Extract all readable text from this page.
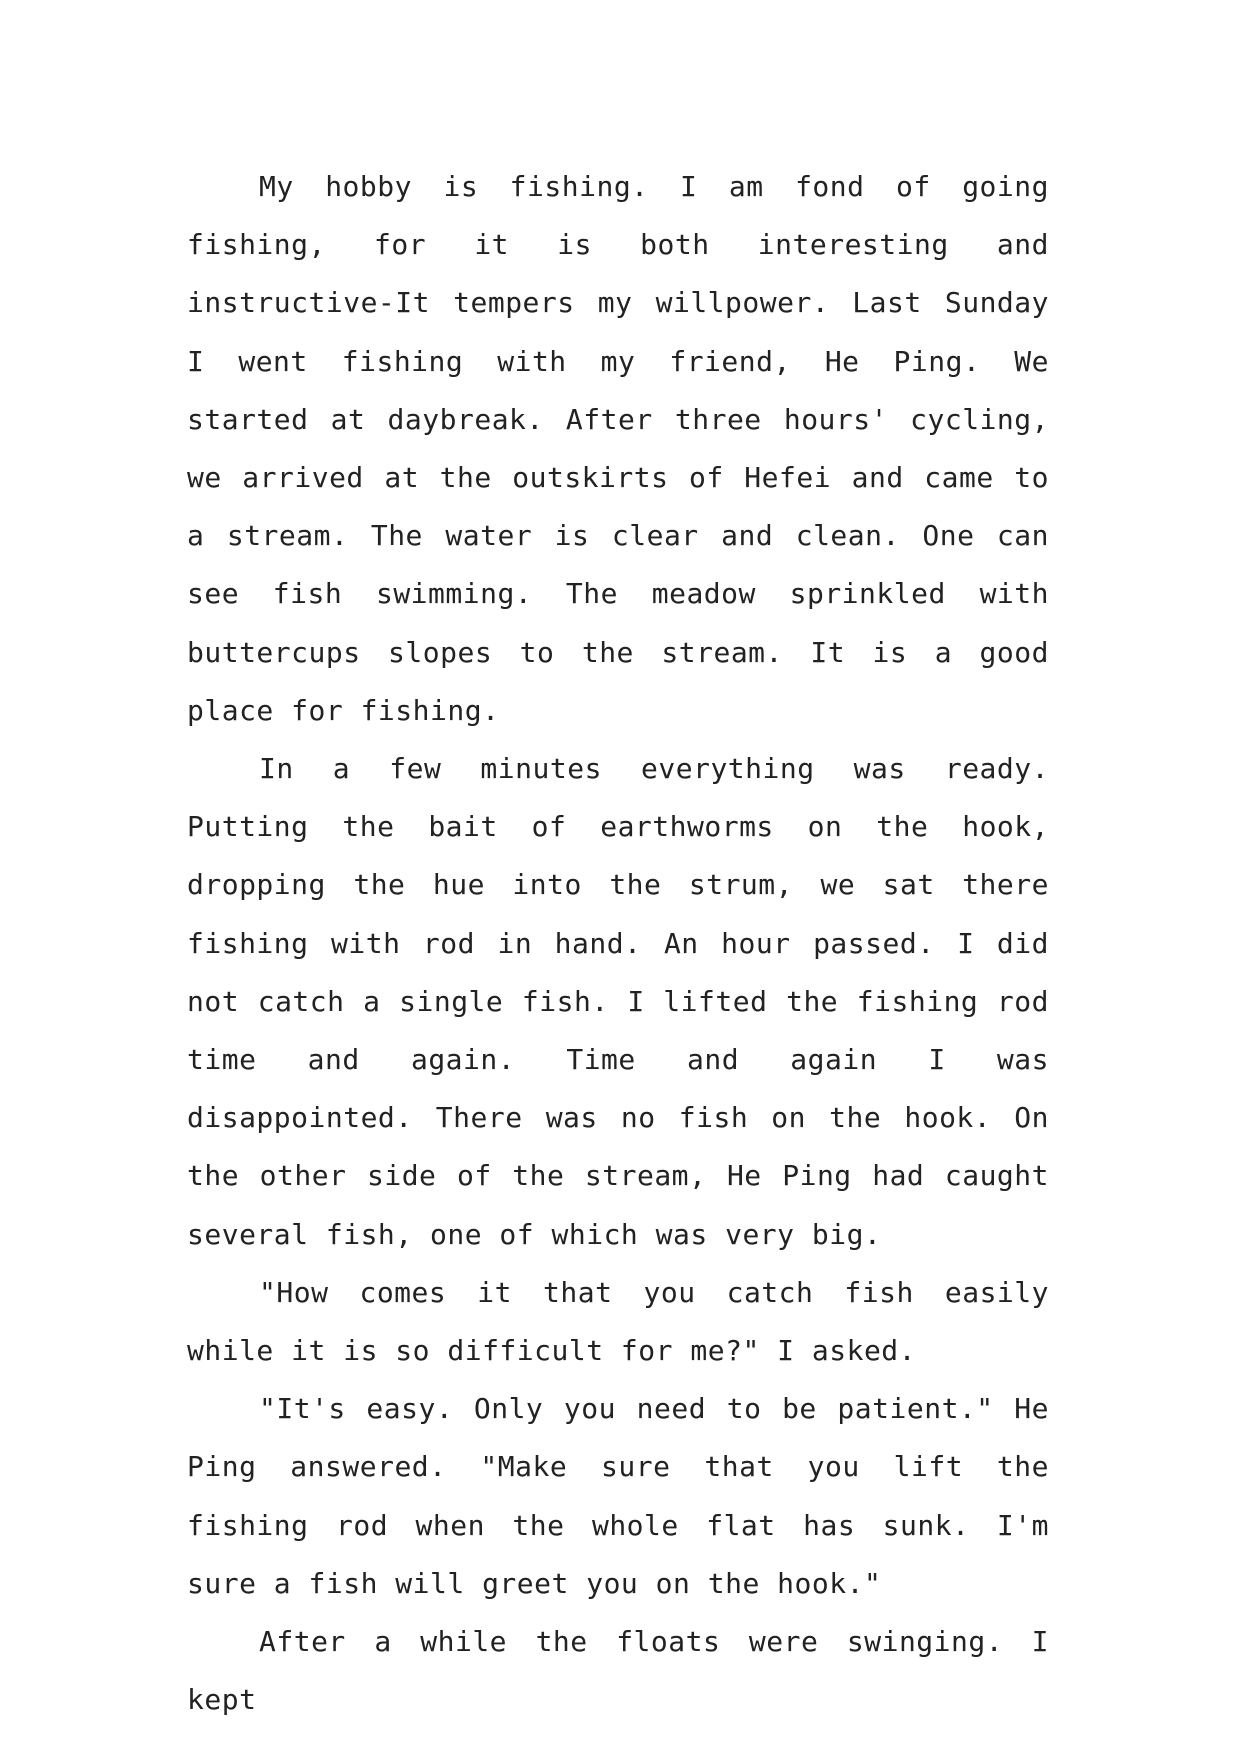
My hobby is fishing. I am fond of going fishing, for it is both interesting and instructive-It tempers my willpower. Last Sunday I went fishing with my friend, He Ping. We started at daybreak. After three hours' cycling, we arrived at the outskirts of Hefei and came to a stream. The water is clear and clean. One can see fish swimming. The meadow sprinkled with buttercups slopes to the stream. It is a good place for fishing.

In a few minutes everything was ready. Putting the bait of earthworms on the hook, dropping the hue into the strum, we sat there fishing with rod in hand. An hour passed. I did not catch a single fish. I lifted the fishing rod time and again. Time and again I was disappointed. There was no fish on the hook. On the other side of the stream, He Ping had caught several fish, one of which was very big.

"How comes it that you catch fish easily while it is so difficult for me?" I asked.

"It's easy. Only you need to be patient." He Ping answered. "Make sure that you lift the fishing rod when the whole flat has sunk. I'm sure a fish will greet you on the hook."

After a while the floats were swinging. I kept
